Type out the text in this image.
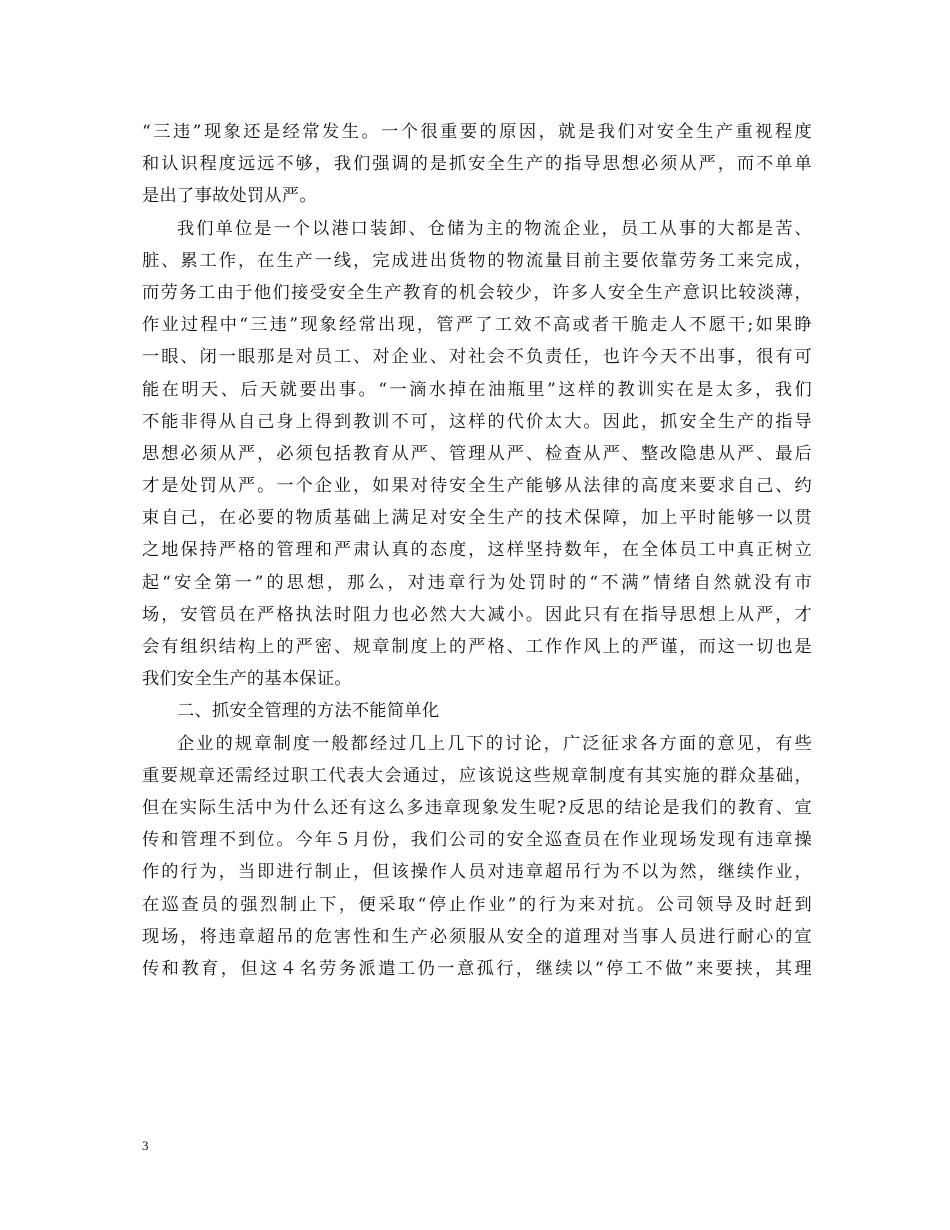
“三违”现象还是经常发生。一个很重要的原因，就是我们对安全生产重视程度
和认识程度远远不够，我们强调的是抓安全生产的指导思想必须从严，而不单单
是出了事故处罚从严。
我们单位是一个以港口装卸、仓储为主的物流企业，员工从事的大都是苦、
脏、累工作，在生产一线，完成进出货物的物流量目前主要依靠劳务工来完成，
而劳务工由于他们接受安全生产教育的机会较少，许多人安全生产意识比较淡薄，
作业过程中“三违”现象经常出现，管严了工效不高或者干脆走人不愿干;如果睁
一眼、闭一眼那是对员工、对企业、对社会不负责任，也许今天不出事，很有可
能在明天、后天就要出事。“一滴水掉在油瓶里”这样的教训实在是太多，我们
不能非得从自己身上得到教训不可，这样的代价太大。因此，抓安全生产的指导
思想必须从严，必须包括教育从严、管理从严、检查从严、整改隐患从严、最后
才是处罚从严。一个企业，如果对待安全生产能够从法律的高度来要求自己、约
束自己，在必要的物质基础上满足对安全生产的技术保障，加上平时能够一以贯
之地保持严格的管理和严肃认真的态度，这样坚持数年，在全体员工中真正树立
起“安全第一”的思想，那么，对违章行为处罚时的“不满”情绪自然就没有市
场，安管员在严格执法时阻力也必然大大减小。因此只有在指导思想上从严，才
会有组织结构上的严密、规章制度上的严格、工作作风上的严谨，而这一切也是
我们安全生产的基本保证。
二、抓安全管理的方法不能简单化
企业的规章制度一般都经过几上几下的讨论，广泛征求各方面的意见，有些
重要规章还需经过职工代表大会通过，应该说这些规章制度有其实施的群众基础，
但在实际生活中为什么还有这么多违章现象发生呢?反思的结论是我们的教育、宣
传和管理不到位。今年５月份，我们公司的安全巡查员在作业现场发现有违章操
作的行为，当即进行制止，但该操作人员对违章超吊行为不以为然，继续作业，
在巡查员的强烈制止下，便采取“停止作业”的行为来对抗。公司领导及时赶到
现场，将违章超吊的危害性和生产必须服从安全的道理对当事人员进行耐心的宣
传和教育，但这４名劳务派遣工仍一意孤行，继续以“停工不做”来要挟，其理
3
